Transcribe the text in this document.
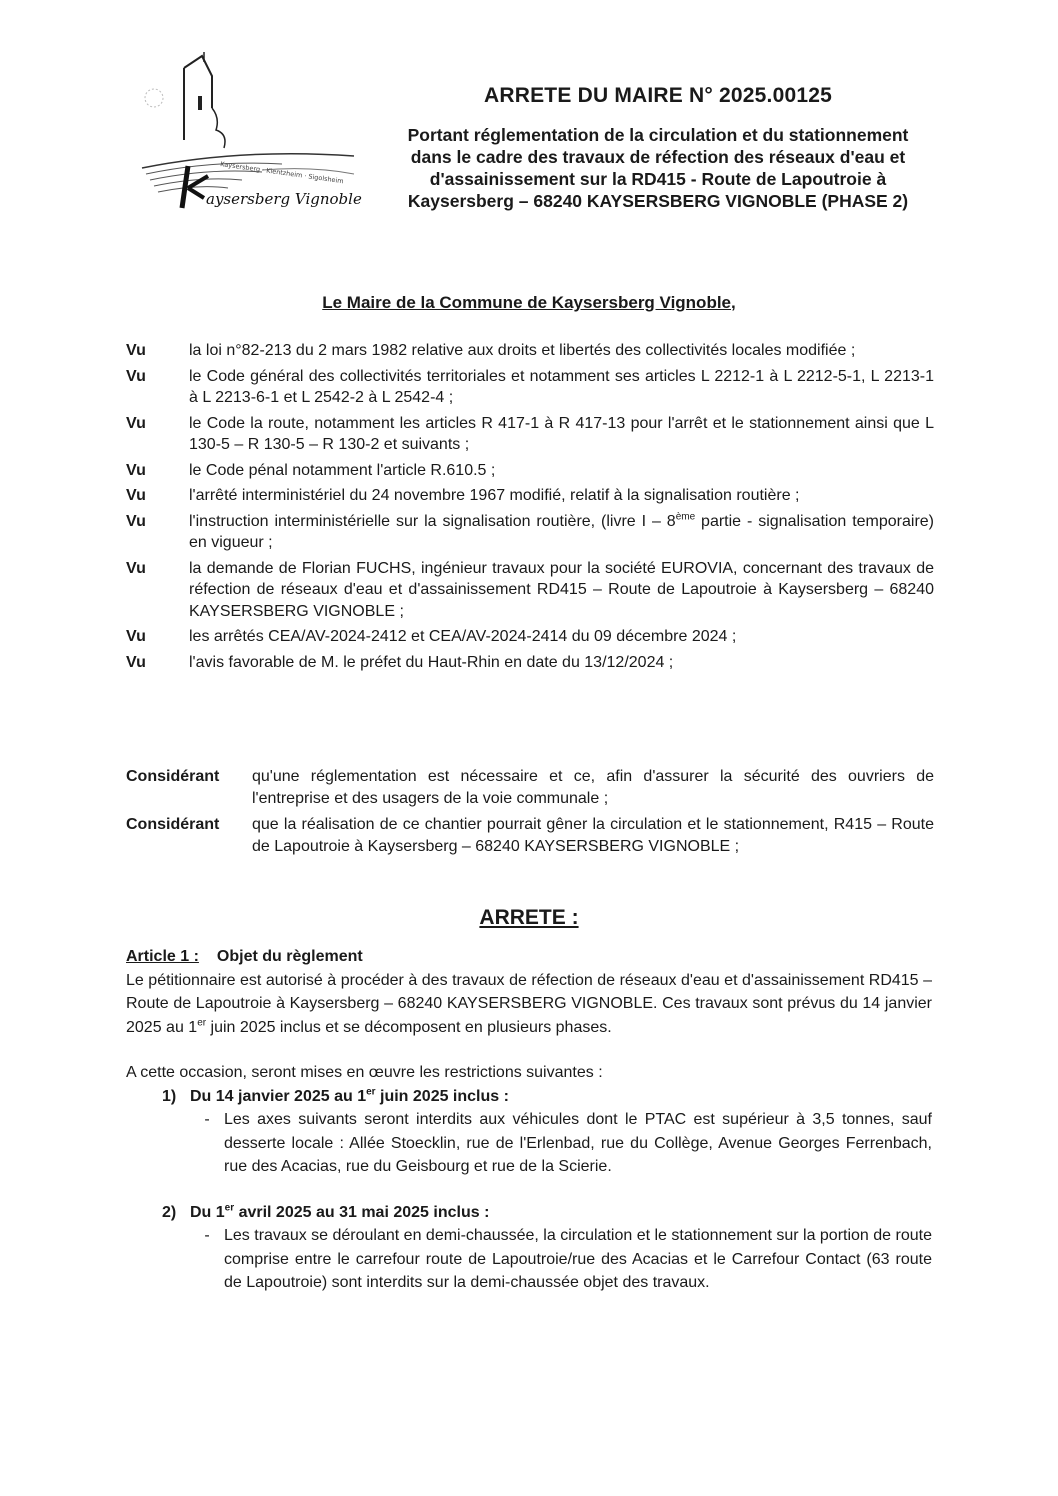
Kaysersberg · Kientzheim · Sigolsheim
aysersberg Vignoble
ARRETE DU MAIRE N° 2025.00125
Portant réglementation de la circulation et du stationnement
dans le cadre des travaux de réfection des réseaux d'eau et
d'assainissement sur la RD415 - Route de Lapoutroie à
Kaysersberg – 68240 KAYSERSBERG VIGNOBLE (PHASE 2)
Le Maire de la Commune de Kaysersberg Vignoble,
Vu	la loi n°82-213 du 2 mars 1982 relative aux droits et libertés des collectivités locales modifiée ;
Vu	le Code général des collectivités territoriales et notamment ses articles L 2212-1 à L 2212-5-1, L 2213-1 à L 2213-6-1 et L 2542-2 à L 2542-4 ;
Vu	le Code la route, notamment les articles R 417-1 à R 417-13 pour l'arrêt et le stationnement ainsi que L 130-5 – R 130-5 – R 130-2 et suivants ;
Vu	le Code pénal notamment l'article R.610.5 ;
Vu	l'arrêté interministériel du 24 novembre 1967 modifié, relatif à la signalisation routière ;
Vu	l'instruction interministérielle sur la signalisation routière, (livre I – 8ème partie - signalisation temporaire) en vigueur ;
Vu	la demande de Florian FUCHS, ingénieur travaux pour la société EUROVIA, concernant des travaux de réfection de réseaux d'eau et d'assainissement RD415 – Route de Lapoutroie à Kaysersberg – 68240 KAYSERSBERG VIGNOBLE ;
Vu	les arrêtés CEA/AV-2024-2412 et CEA/AV-2024-2414 du 09 décembre 2024 ;
Vu	l'avis favorable de M. le préfet du Haut-Rhin en date du 13/12/2024 ;
Considérant	qu'une réglementation est nécessaire et ce, afin d'assurer la sécurité des ouvriers de l'entreprise et des usagers de la voie communale ;
Considérant	que la réalisation de ce chantier pourrait gêner la circulation et le stationnement, R415 – Route de Lapoutroie à Kaysersberg – 68240 KAYSERSBERG VIGNOBLE ;
ARRETE :
Article 1 : Objet du règlement
Le pétitionnaire est autorisé à procéder à des travaux de réfection de réseaux d'eau et d'assainissement RD415 – Route de Lapoutroie à Kaysersberg – 68240 KAYSERSBERG VIGNOBLE. Ces travaux sont prévus du 14 janvier 2025 au 1er juin 2025 inclus et se décomposent en plusieurs phases.
A cette occasion, seront mises en œuvre les restrictions suivantes :
1) Du 14 janvier 2025 au 1er juin 2025 inclus :
- Les axes suivants seront interdits aux véhicules dont le PTAC est supérieur à 3,5 tonnes, sauf desserte locale : Allée Stoecklin, rue de l'Erlenbad, rue du Collège, Avenue Georges Ferrenbach, rue des Acacias, rue du Geisbourg et rue de la Scierie.
2) Du 1er avril 2025 au 31 mai 2025 inclus :
- Les travaux se déroulant en demi-chaussée, la circulation et le stationnement sur la portion de route comprise entre le carrefour route de Lapoutroie/rue des Acacias et le Carrefour Contact (63 route de Lapoutroie) sont interdits sur la demi-chaussée objet des travaux.
